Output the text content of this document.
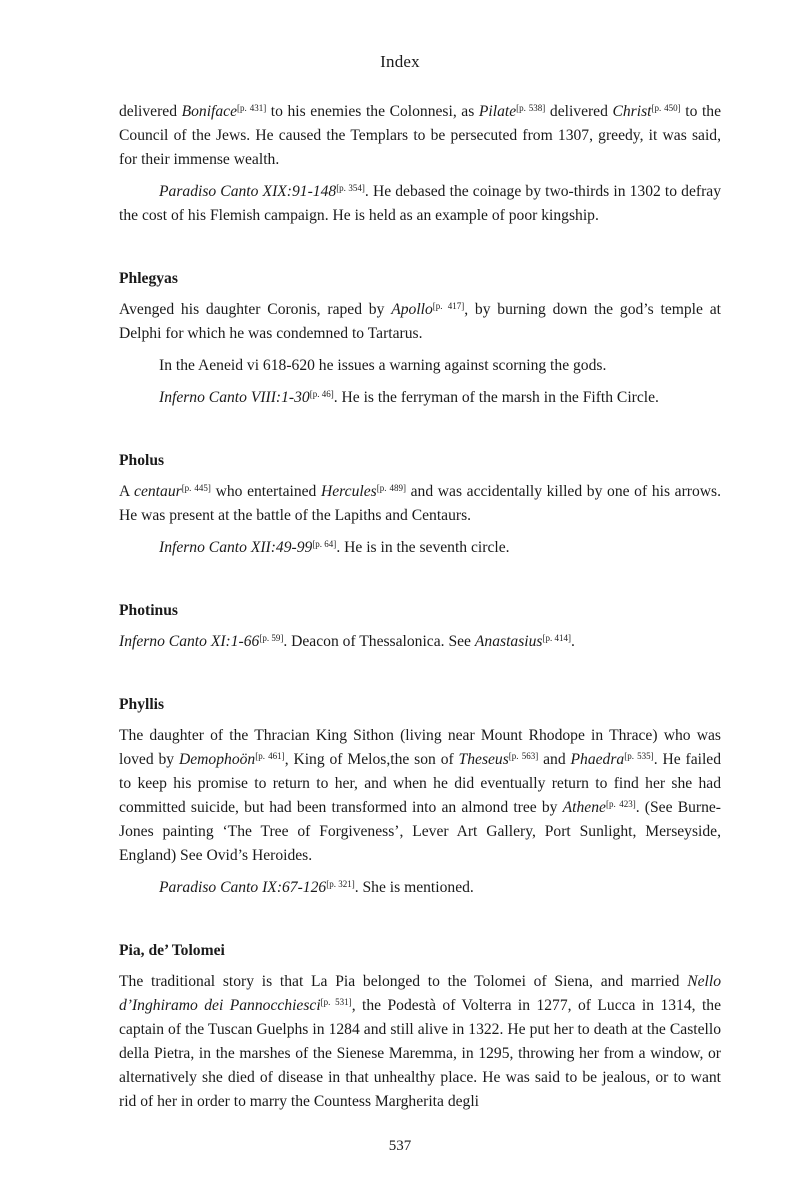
Index

delivered Boniface[p. 431] to his enemies the Colonnesi, as Pilate[p. 538] delivered Christ[p. 450] to the Council of the Jews. He caused the Templars to be persecuted from 1307, greedy, it was said, for their immense wealth.

Paradiso Canto XIX:91-148[p. 354]. He debased the coinage by two-thirds in 1302 to defray the cost of his Flemish campaign. He is held as an example of poor kingship.

Phlegyas

Avenged his daughter Coronis, raped by Apollo[p. 417], by burning down the god’s temple at Delphi for which he was condemned to Tartarus.

In the Aeneid vi 618-620 he issues a warning against scorning the gods.

Inferno Canto VIII:1-30[p. 46]. He is the ferryman of the marsh in the Fifth Circle.

Pholus

A centaur[p. 445] who entertained Hercules[p. 489] and was accidentally killed by one of his arrows. He was present at the battle of the Lapiths and Centaurs.

Inferno Canto XII:49-99[p. 64]. He is in the seventh circle.

Photinus

Inferno Canto XI:1-66[p. 59]. Deacon of Thessalonica. See Anastasius[p. 414].

Phyllis

The daughter of the Thracian King Sithon (living near Mount Rhodope in Thrace) who was loved by Demophoön[p. 461], King of Melos,the son of Theseus[p. 563] and Phaedra[p. 535]. He failed to keep his promise to return to her, and when he did eventually return to find her she had committed suicide, but had been transformed into an almond tree by Athene[p. 423]. (See Burne-Jones painting ‘The Tree of Forgiveness’, Lever Art Gallery, Port Sunlight, Merseyside, England) See Ovid’s Heroides.

Paradiso Canto IX:67-126[p. 321]. She is mentioned.

Pia, de’ Tolomei

The traditional story is that La Pia belonged to the Tolomei of Siena, and married Nello d’Inghiramo dei Pannocchiesci[p. 531], the Podestà of Volterra in 1277, of Lucca in 1314, the captain of the Tuscan Guelphs in 1284 and still alive in 1322. He put her to death at the Castello della Pietra, in the marshes of the Sienese Maremma, in 1295, throwing her from a window, or alternatively she died of disease in that unhealthy place. He was said to be jealous, or to want rid of her in order to marry the Countess Margherita degli

537
